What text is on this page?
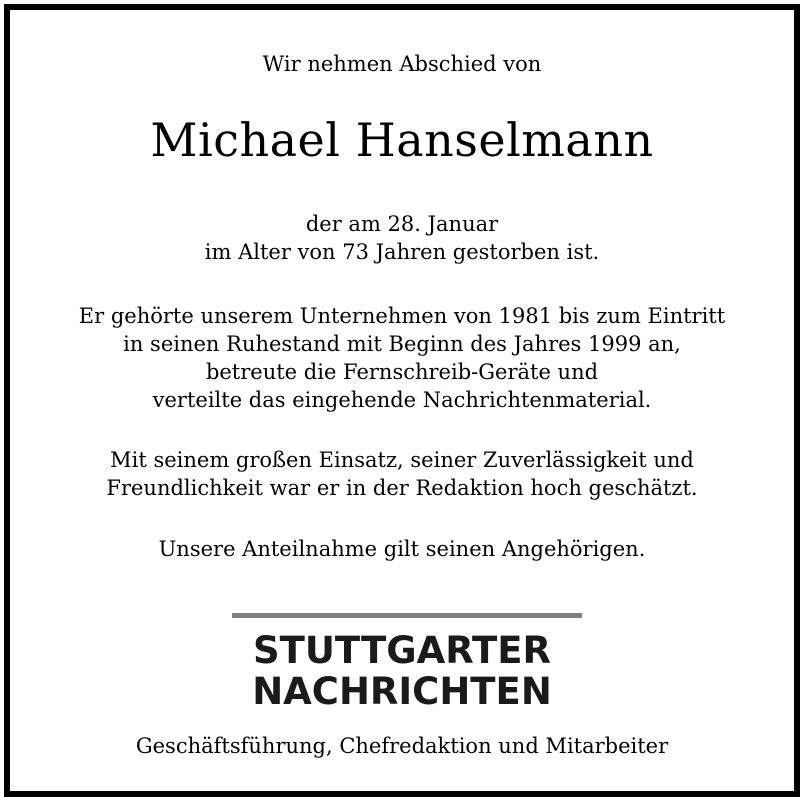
Wir nehmen Abschied von
Michael Hanselmann
der am 28. Januar
im Alter von 73 Jahren gestorben ist.
Er gehörte unserem Unternehmen von 1981 bis zum Eintritt
in seinen Ruhestand mit Beginn des Jahres 1999 an,
betreute die Fernschreib-Geräte und
verteilte das eingehende Nachrichtenmaterial.
Mit seinem großen Einsatz, seiner Zuverlässigkeit und
Freundlichkeit war er in der Redaktion hoch geschätzt.
Unsere Anteilnahme gilt seinen Angehörigen.
STUTTGARTER
NACHRICHTEN
Geschäftsführung, Chefredaktion und Mitarbeiter
